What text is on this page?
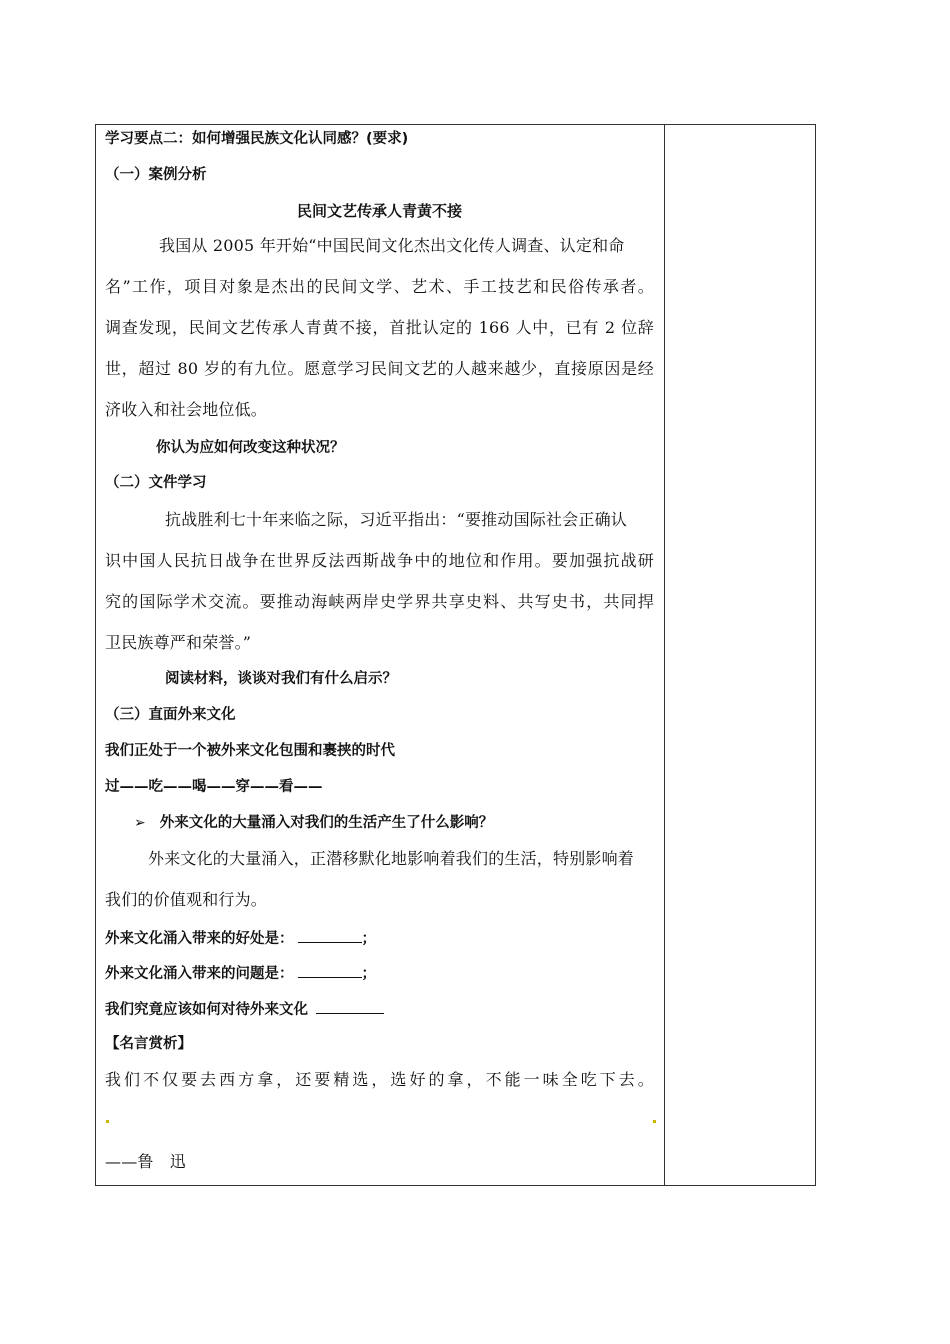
学习要点二：如何增强民族文化认同感？(要求)
（一）案例分析
民间文艺传承人青黄不接
我国从 2005 年开始“中国民间文化杰出文化传人调查、认定和命
名”工作，项目对象是杰出的民间文学、艺术、手工技艺和民俗传承者。
调查发现，民间文艺传承人青黄不接，首批认定的 166 人中，已有 2 位辞
世，超过 80 岁的有九位。愿意学习民间文艺的人越来越少，直接原因是经
济收入和社会地位低。
你认为应如何改变这种状况？
（二）文件学习
抗战胜利七十年来临之际，习近平指出：“要推动国际社会正确认
识中国人民抗日战争在世界反法西斯战争中的地位和作用。要加强抗战研
究的国际学术交流。要推动海峡两岸史学界共享史料、共写史书，共同捍
卫民族尊严和荣誉。”
阅读材料，谈谈对我们有什么启示？
（三）直面外来文化
我们正处于一个被外来文化包围和裹挟的时代
过——吃——喝——穿——看——
➢ 外来文化的大量涌入对我们的生活产生了什么影响？
外来文化的大量涌入，正潜移默化地影响着我们的生活，特别影响着
我们的价值观和行为。
外来文化涌入带来的好处是：	；
外来文化涌入带来的问题是：	；
我们究竟应该如何对待外来文化
【名言赏析】
我们不仅要去西方拿，还要精选，选好的拿，不能一味全吃下去。
——鲁　迅
